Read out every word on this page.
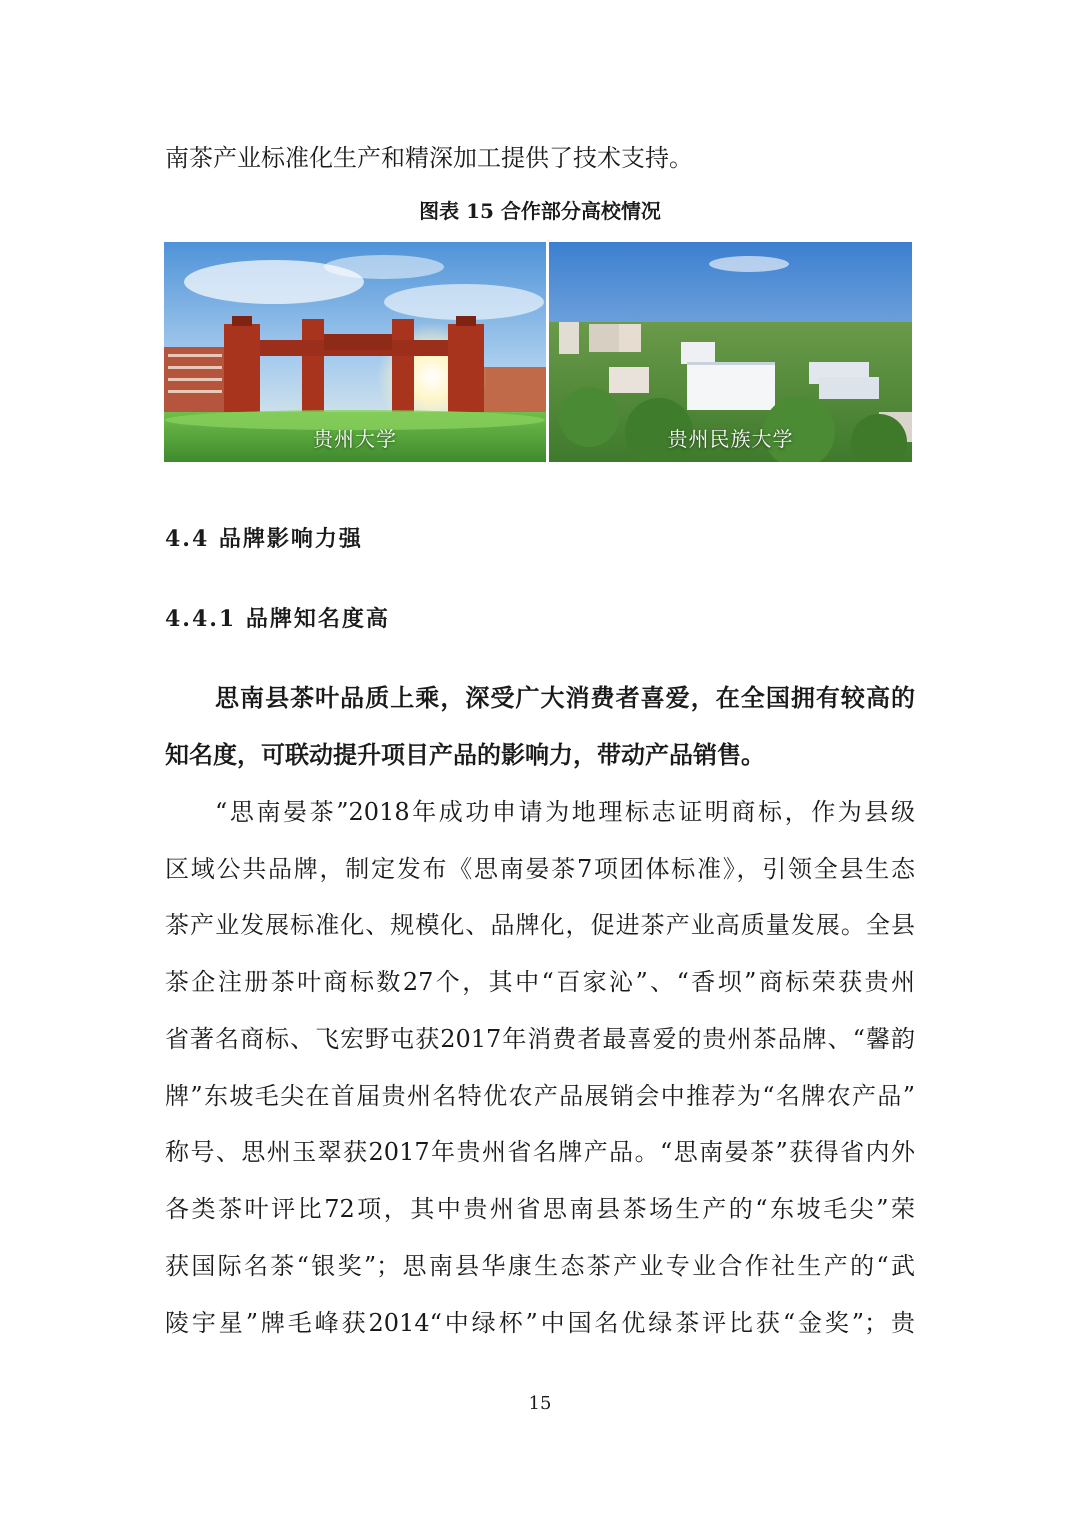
南茶产业标准化生产和精深加工提供了技术支持。
图表 15 合作部分高校情况
贵州大学	贵州民族大学
4.4 品牌影响力强
4.4.1 品牌知名度高
思南县茶叶品质上乘，深受广大消费者喜爱，在全国拥有较高的
知名度，可联动提升项目产品的影响力，带动产品销售。
“思南晏茶”2018年成功申请为地理标志证明商标，作为县级
区域公共品牌，制定发布《思南晏茶7项团体标准》，引领全县生态
茶产业发展标准化、规模化、品牌化，促进茶产业高质量发展。全县
茶企注册茶叶商标数27个，其中“百家沁”、“香坝”商标荣获贵州
省著名商标、飞宏野屯获2017年消费者最喜爱的贵州茶品牌、“馨韵
牌”东坡毛尖在首届贵州名特优农产品展销会中推荐为“名牌农产品”
称号、思州玉翠获2017年贵州省名牌产品。“思南晏茶”获得省内外
各类茶叶评比72项，其中贵州省思南县茶场生产的“东坡毛尖”荣
获国际名茶“银奖”；思南县华康生态茶产业专业合作社生产的“武
陵宇星”牌毛峰获2014“中绿杯”中国名优绿茶评比获“金奖”；贵
15
